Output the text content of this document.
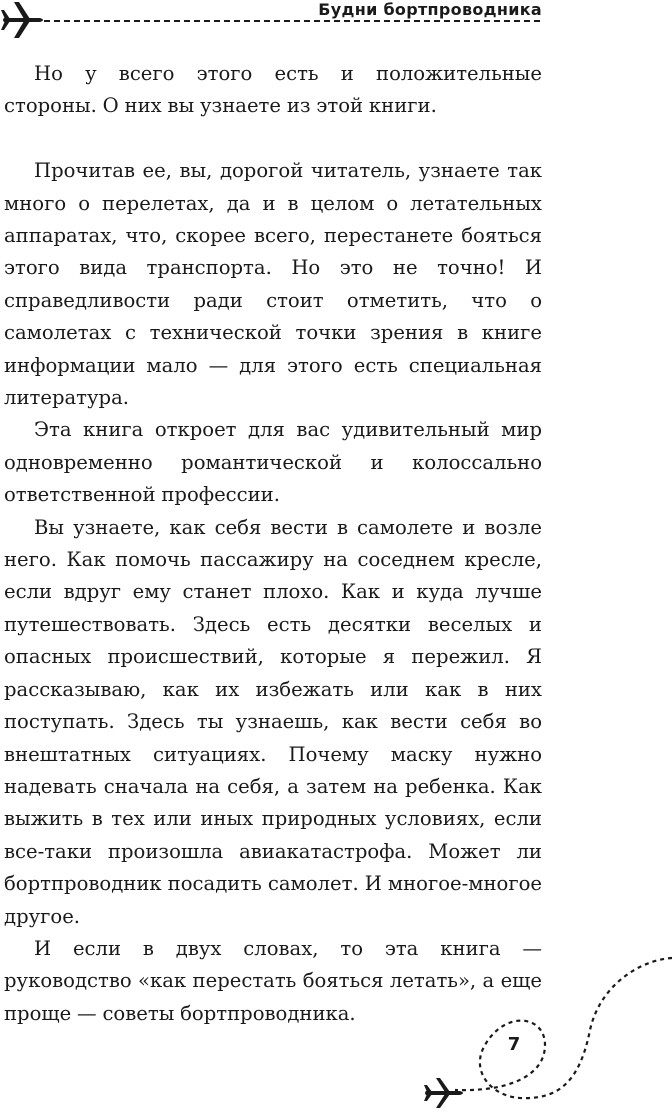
Будни бортпроводника

Но у всего этого есть и положительные стороны. О них вы узнаете из этой книги.

Прочитав ее, вы, дорогой читатель, узнаете так много о перелетах, да и в целом о летательных аппаратах, что, скорее всего, перестанете бояться этого вида транспорта. Но это не точно! И справедливости ради стоит отметить, что о самолетах с технической точки зрения в книге информации мало — для этого есть специальная литература.

Эта книга откроет для вас удивительный мир одновременно романтической и колоссально ответственной профессии.

Вы узнаете, как себя вести в самолете и возле него. Как помочь пассажиру на соседнем кресле, если вдруг ему станет плохо. Как и куда лучше путешествовать. Здесь есть десятки веселых и опасных происшествий, которые я пережил. Я рассказываю, как их избежать или как в них поступать. Здесь ты узнаешь, как вести себя во внештатных ситуациях. Почему маску нужно надевать сначала на себя, а затем на ребенка. Как выжить в тех или иных природных условиях, если все-таки произошла авиакатастрофа. Может ли бортпроводник посадить самолет. И многое-многое другое.

И если в двух словах, то эта книга — руководство «как перестать бояться летать», а еще проще — советы бортпроводника.

7
